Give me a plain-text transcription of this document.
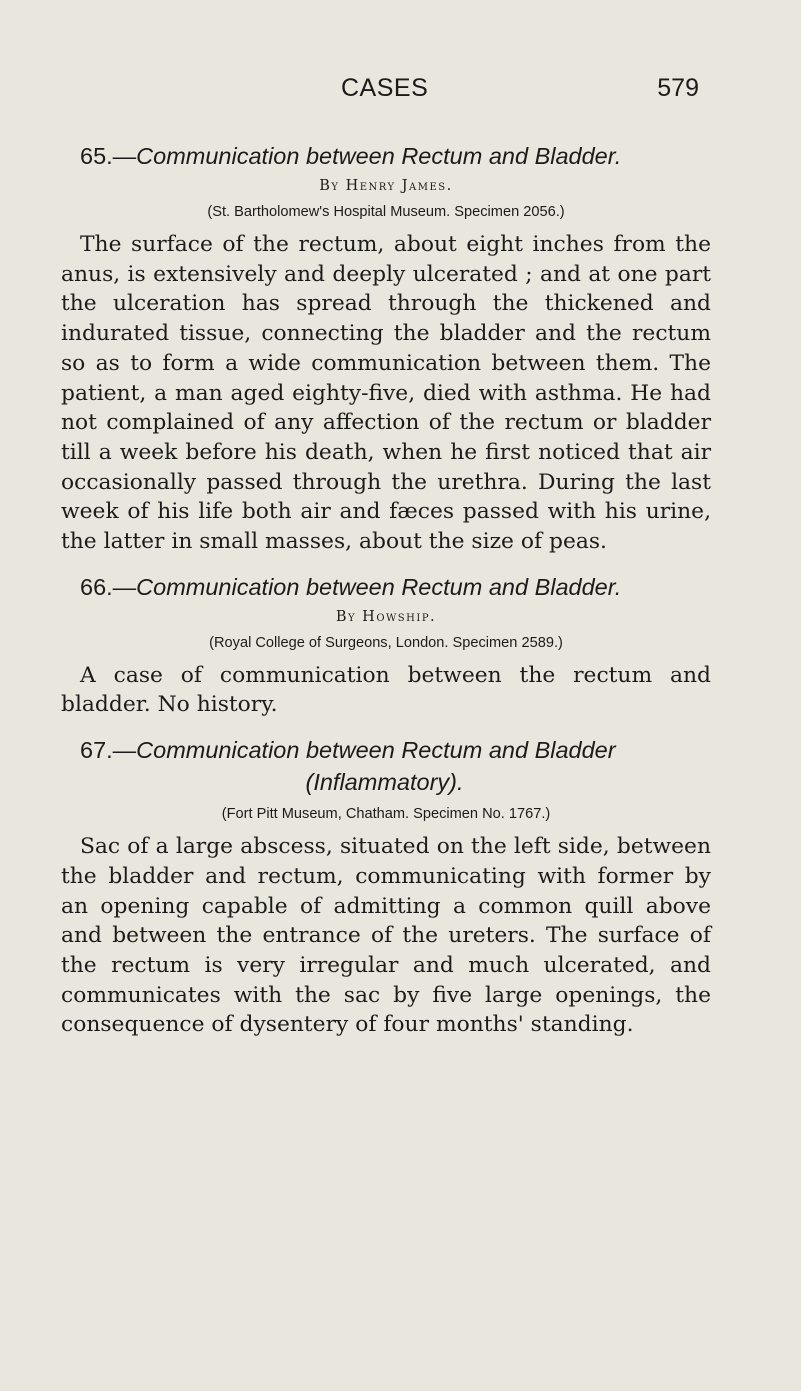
CASES	579
65.—Communication between Rectum and Bladder.

By Henry James.

(St. Bartholomew's Hospital Museum. Specimen 2056.)

The surface of the rectum, about eight inches from the anus, is extensively and deeply ulcerated ; and at one part the ulceration has spread through the thickened and indurated tissue, connecting the bladder and the rectum so as to form a wide communication between them. The patient, a man aged eighty-five, died with asthma. He had not complained of any affection of the rectum or bladder till a week before his death, when he first noticed that air occasionally passed through the urethra. During the last week of his life both air and fæces passed with his urine, the latter in small masses, about the size of peas.

66.—Communication between Rectum and Bladder.

By Howship.

(Royal College of Surgeons, London. Specimen 2589.)

A case of communication between the rectum and bladder. No history.

67.—Communication between Rectum and Bladder
(Inflammatory).

(Fort Pitt Museum, Chatham. Specimen No. 1767.)

Sac of a large abscess, situated on the left side, between the bladder and rectum, communicating with former by an opening capable of admitting a common quill above and between the entrance of the ureters. The surface of the rectum is very irregular and much ulcerated, and communicates with the sac by five large openings, the consequence of dysentery of four months' standing.
